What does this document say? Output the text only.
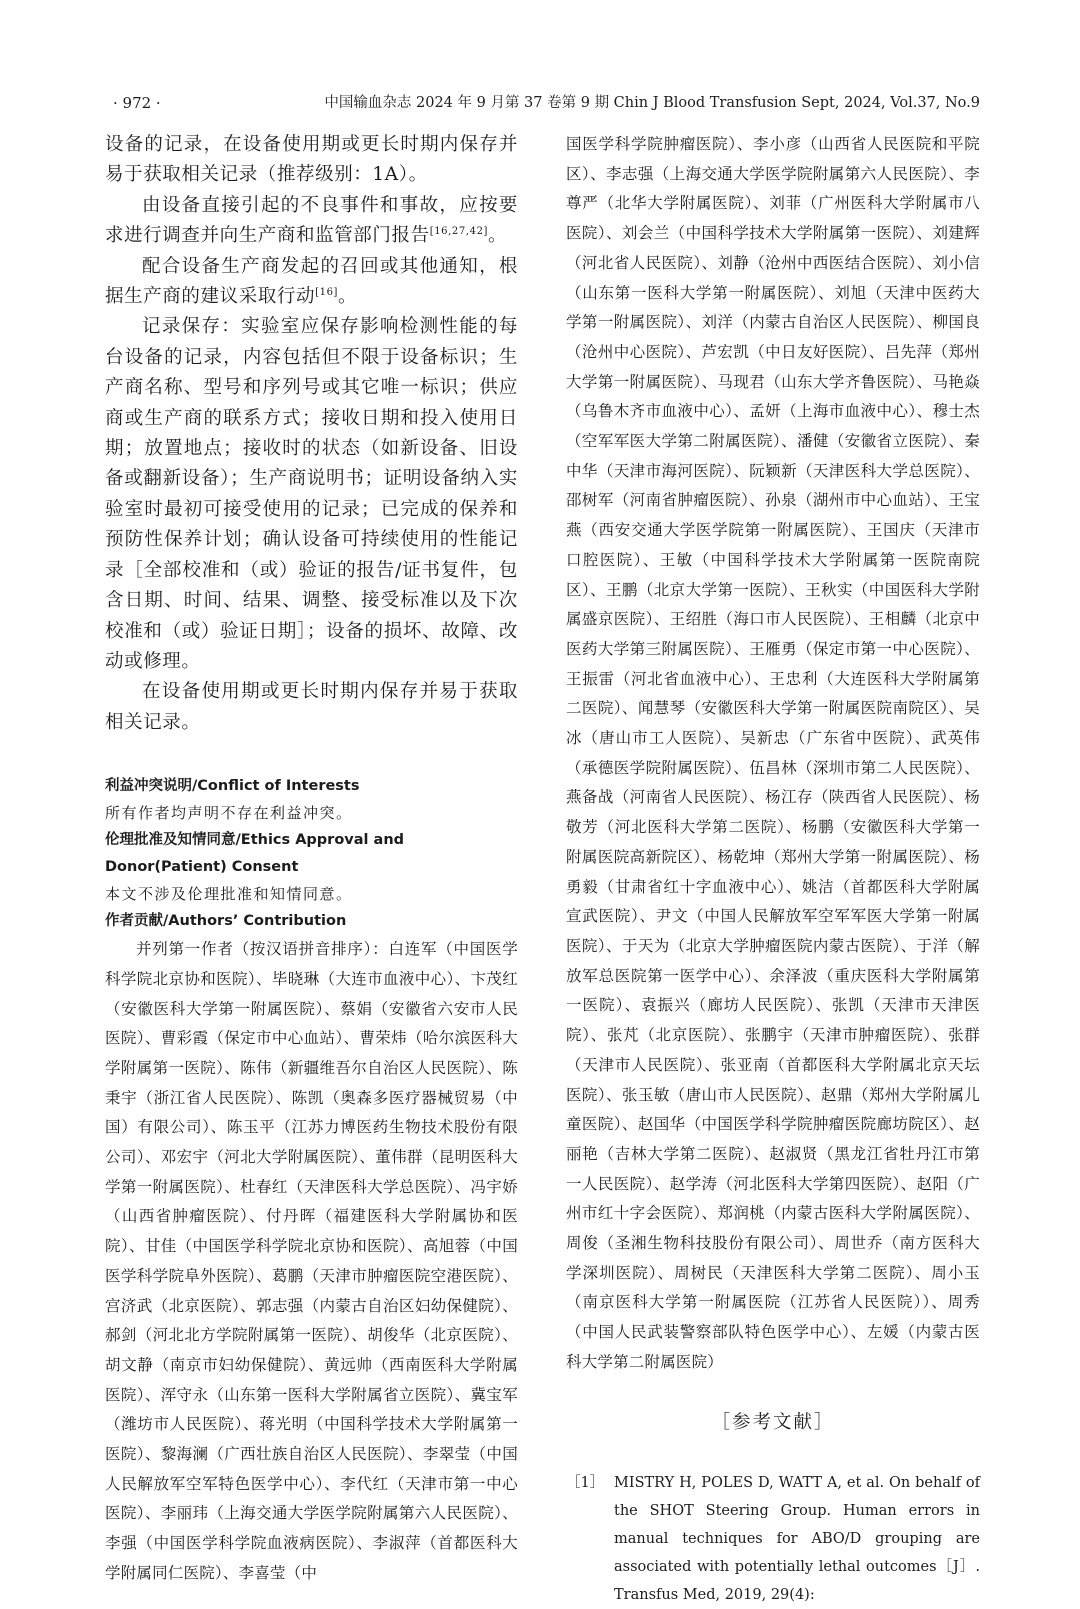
· 972 ·	中国输血杂志 2024 年 9 月第 37 卷第 9 期 Chin J Blood Transfusion Sept, 2024, Vol.37, No.9

设备的记录，在设备使用期或更长时期内保存并易于获取相关记录（推荐级别：1A）。

由设备直接引起的不良事件和事故，应按要求进行调查并向生产商和监管部门报告[16,27,42]。

配合设备生产商发起的召回或其他通知，根据生产商的建议采取行动[16]。

记录保存：实验室应保存影响检测性能的每台设备的记录，内容包括但不限于设备标识；生产商名称、型号和序列号或其它唯一标识；供应商或生产商的联系方式；接收日期和投入使用日期；放置地点；接收时的状态（如新设备、旧设备或翻新设备）；生产商说明书；证明设备纳入实验室时最初可接受使用的记录；已完成的保养和预防性保养计划；确认设备可持续使用的性能记录［全部校准和（或）验证的报告/证书复件，包含日期、时间、结果、调整、接受标准以及下次校准和（或）验证日期］；设备的损坏、故障、改动或修理。

在设备使用期或更长时期内保存并易于获取相关记录。

利益冲突说明/Conflict of Interests

所有作者均声明不存在利益冲突。

伦理批准及知情同意/Ethics Approval and Donor(Patient) Consent

本文不涉及伦理批准和知情同意。

作者贡献/Authors’ Contribution

并列第一作者（按汉语拼音排序）：白连军（中国医学科学院北京协和医院）、毕晓琳（大连市血液中心）、卞茂红（安徽医科大学第一附属医院）、蔡娟（安徽省六安市人民医院）、曹彩霞（保定市中心血站）、曹荣炜（哈尔滨医科大学附属第一医院）、陈伟（新疆维吾尔自治区人民医院）、陈秉宇（浙江省人民医院）、陈凯（奥森多医疗器械贸易（中国）有限公司）、陈玉平（江苏力博医药生物技术股份有限公司）、邓宏宇（河北大学附属医院）、董伟群（昆明医科大学第一附属医院）、杜春红（天津医科大学总医院）、冯宇娇（山西省肿瘤医院）、付丹晖（福建医科大学附属协和医院）、甘佳（中国医学科学院北京协和医院）、高旭蓉（中国医学科学院阜外医院）、葛鹏（天津市肿瘤医院空港医院）、宫济武（北京医院）、郭志强（内蒙古自治区妇幼保健院）、郝剑（河北北方学院附属第一医院）、胡俊华（北京医院）、胡文静（南京市妇幼保健院）、黄远帅（西南医科大学附属医院）、浑守永（山东第一医科大学附属省立医院）、冀宝军（潍坊市人民医院）、蒋光明（中国科学技术大学附属第一医院）、黎海澜（广西壮族自治区人民医院）、李翠莹（中国人民解放军空军特色医学中心）、李代红（天津市第一中心医院）、李丽玮（上海交通大学医学院附属第六人民医院）、李强（中国医学科学院血液病医院）、李淑萍（首都医科大学附属同仁医院）、李喜莹（中

国医学科学院肿瘤医院）、李小彦（山西省人民医院和平院区）、李志强（上海交通大学医学院附属第六人民医院）、李尊严（北华大学附属医院）、刘菲（广州医科大学附属市八医院）、刘会兰（中国科学技术大学附属第一医院）、刘建辉（河北省人民医院）、刘静（沧州中西医结合医院）、刘小信（山东第一医科大学第一附属医院）、刘旭（天津中医药大学第一附属医院）、刘洋（内蒙古自治区人民医院）、柳国良（沧州中心医院）、芦宏凯（中日友好医院）、吕先萍（郑州大学第一附属医院）、马现君（山东大学齐鲁医院）、马艳焱（乌鲁木齐市血液中心）、孟妍（上海市血液中心）、穆士杰（空军军医大学第二附属医院）、潘健（安徽省立医院）、秦中华（天津市海河医院）、阮颖新（天津医科大学总医院）、邵树军（河南省肿瘤医院）、孙泉（湖州市中心血站）、王宝燕（西安交通大学医学院第一附属医院）、王国庆（天津市口腔医院）、王敏（中国科学技术大学附属第一医院南院区）、王鹏（北京大学第一医院）、王秋实（中国医科大学附属盛京医院）、王绍胜（海口市人民医院）、王相麟（北京中医药大学第三附属医院）、王雁勇（保定市第一中心医院）、王振雷（河北省血液中心）、王忠利（大连医科大学附属第二医院）、闻慧琴（安徽医科大学第一附属医院南院区）、吴冰（唐山市工人医院）、吴新忠（广东省中医院）、武英伟（承德医学院附属医院）、伍昌林（深圳市第二人民医院）、燕备战（河南省人民医院）、杨江存（陕西省人民医院）、杨敬芳（河北医科大学第二医院）、杨鹏（安徽医科大学第一附属医院高新院区）、杨乾坤（郑州大学第一附属医院）、杨勇毅（甘肃省红十字血液中心）、姚洁（首都医科大学附属宣武医院）、尹文（中国人民解放军空军军医大学第一附属医院）、于天为（北京大学肿瘤医院内蒙古医院）、于洋（解放军总医院第一医学中心）、余泽波（重庆医科大学附属第一医院）、袁振兴（廊坊人民医院）、张凯（天津市天津医院）、张芃（北京医院）、张鹏宇（天津市肿瘤医院）、张群（天津市人民医院）、张亚南（首都医科大学附属北京天坛医院）、张玉敏（唐山市人民医院）、赵鼎（郑州大学附属儿童医院）、赵国华（中国医学科学院肿瘤医院廊坊院区）、赵丽艳（吉林大学第二医院）、赵淑贤（黑龙江省牡丹江市第一人民医院）、赵学涛（河北医科大学第四医院）、赵阳（广州市红十字会医院）、郑润桃（内蒙古医科大学附属医院）、周俊（圣湘生物科技股份有限公司）、周世乔（南方医科大学深圳医院）、周树民（天津医科大学第二医院）、周小玉（南京医科大学第一附属医院（江苏省人民医院））、周秀（中国人民武装警察部队特色医学中心）、左媛（内蒙古医科大学第二附属医院）

［参考文献］

［1］ MISTRY H, POLES D, WATT A, et al. On behalf of the SHOT Steering Group. Human errors in manual techniques for ABO/D grouping are associated with potentially lethal outcomes［J］. Transfus Med, 2019, 29(4):
